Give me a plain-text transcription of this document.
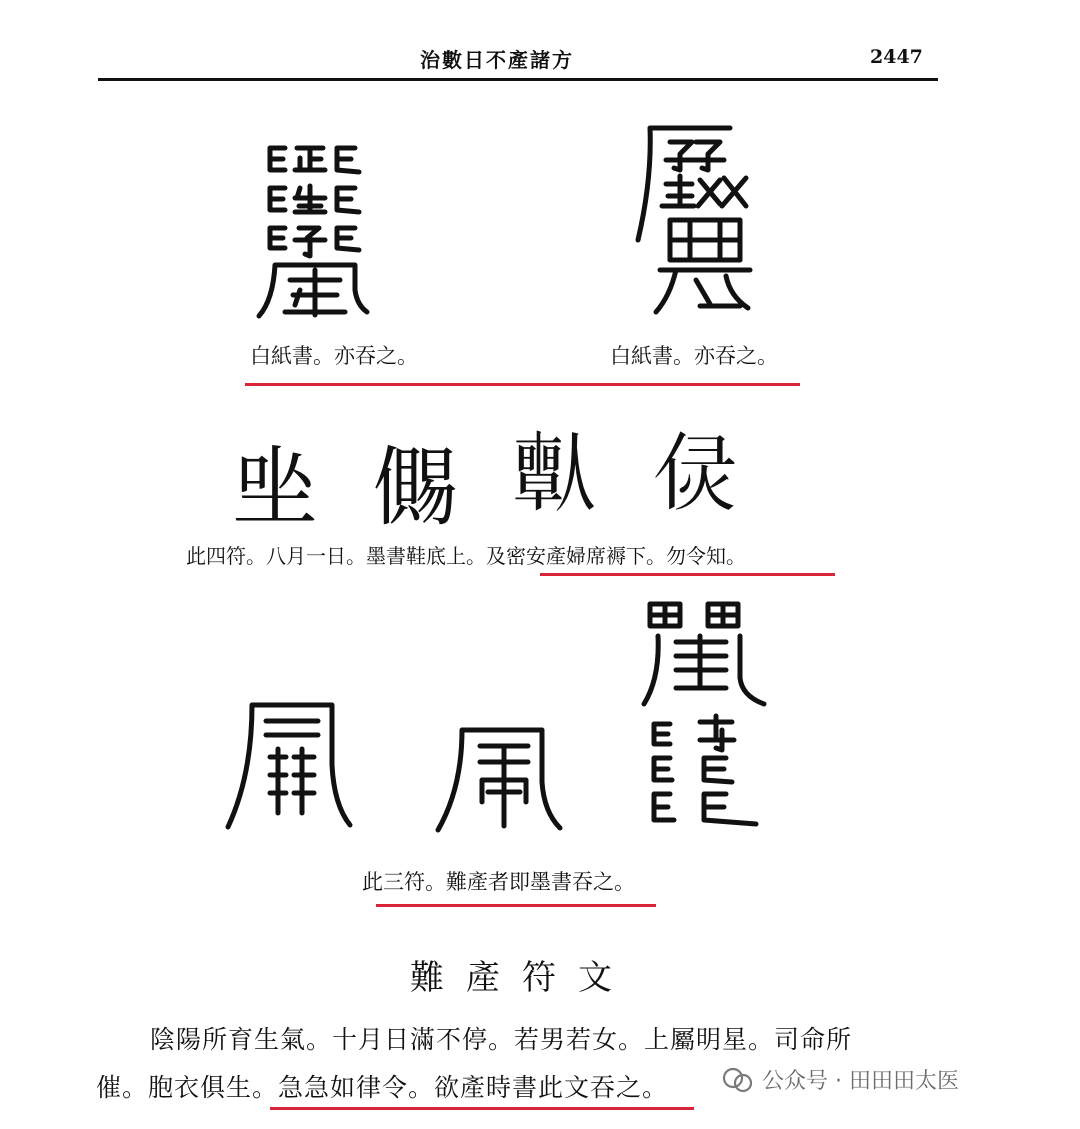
治數日不產諸方	2447
白紙書。亦吞之。	白紙書。亦吞之。
㘴 儩 𠐱 𠈳
此四符。八月一日。墨書鞋底上。及密安產婦席褥下。勿令知。
此三符。難產者即墨書吞之。
難產符文
陰陽所育生氣。十月日滿不停。若男若女。上屬明星。司命所
催。胞衣俱生。急急如律令。欲產時書此文吞之。	公众号 · 田田田太医
